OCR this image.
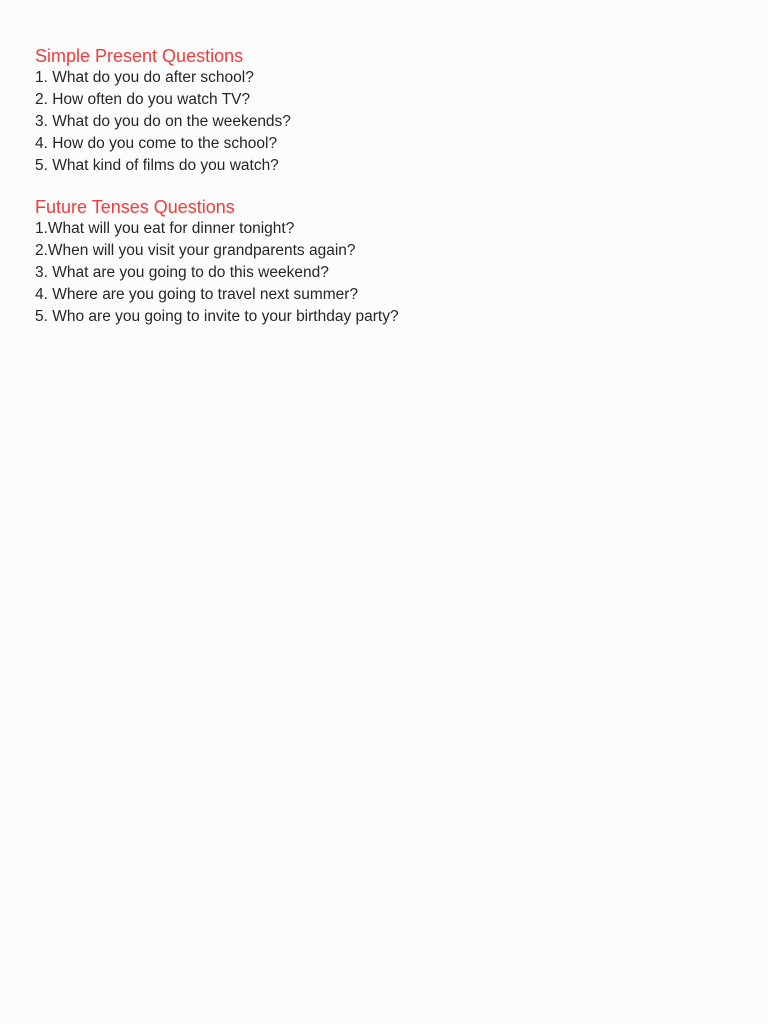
Simple Present Questions
1. What do you do after school?
2. How often do you watch TV?
3. What do you do on the weekends?
4. How do you come to the school?
5. What kind of films do you watch?
Future Tenses Questions
1.What will you eat for dinner tonight?
2.When will you visit your grandparents again?
3. What are you going to do this weekend?
4. Where are you going to travel next summer?
5. Who are you going to invite to your birthday party?
